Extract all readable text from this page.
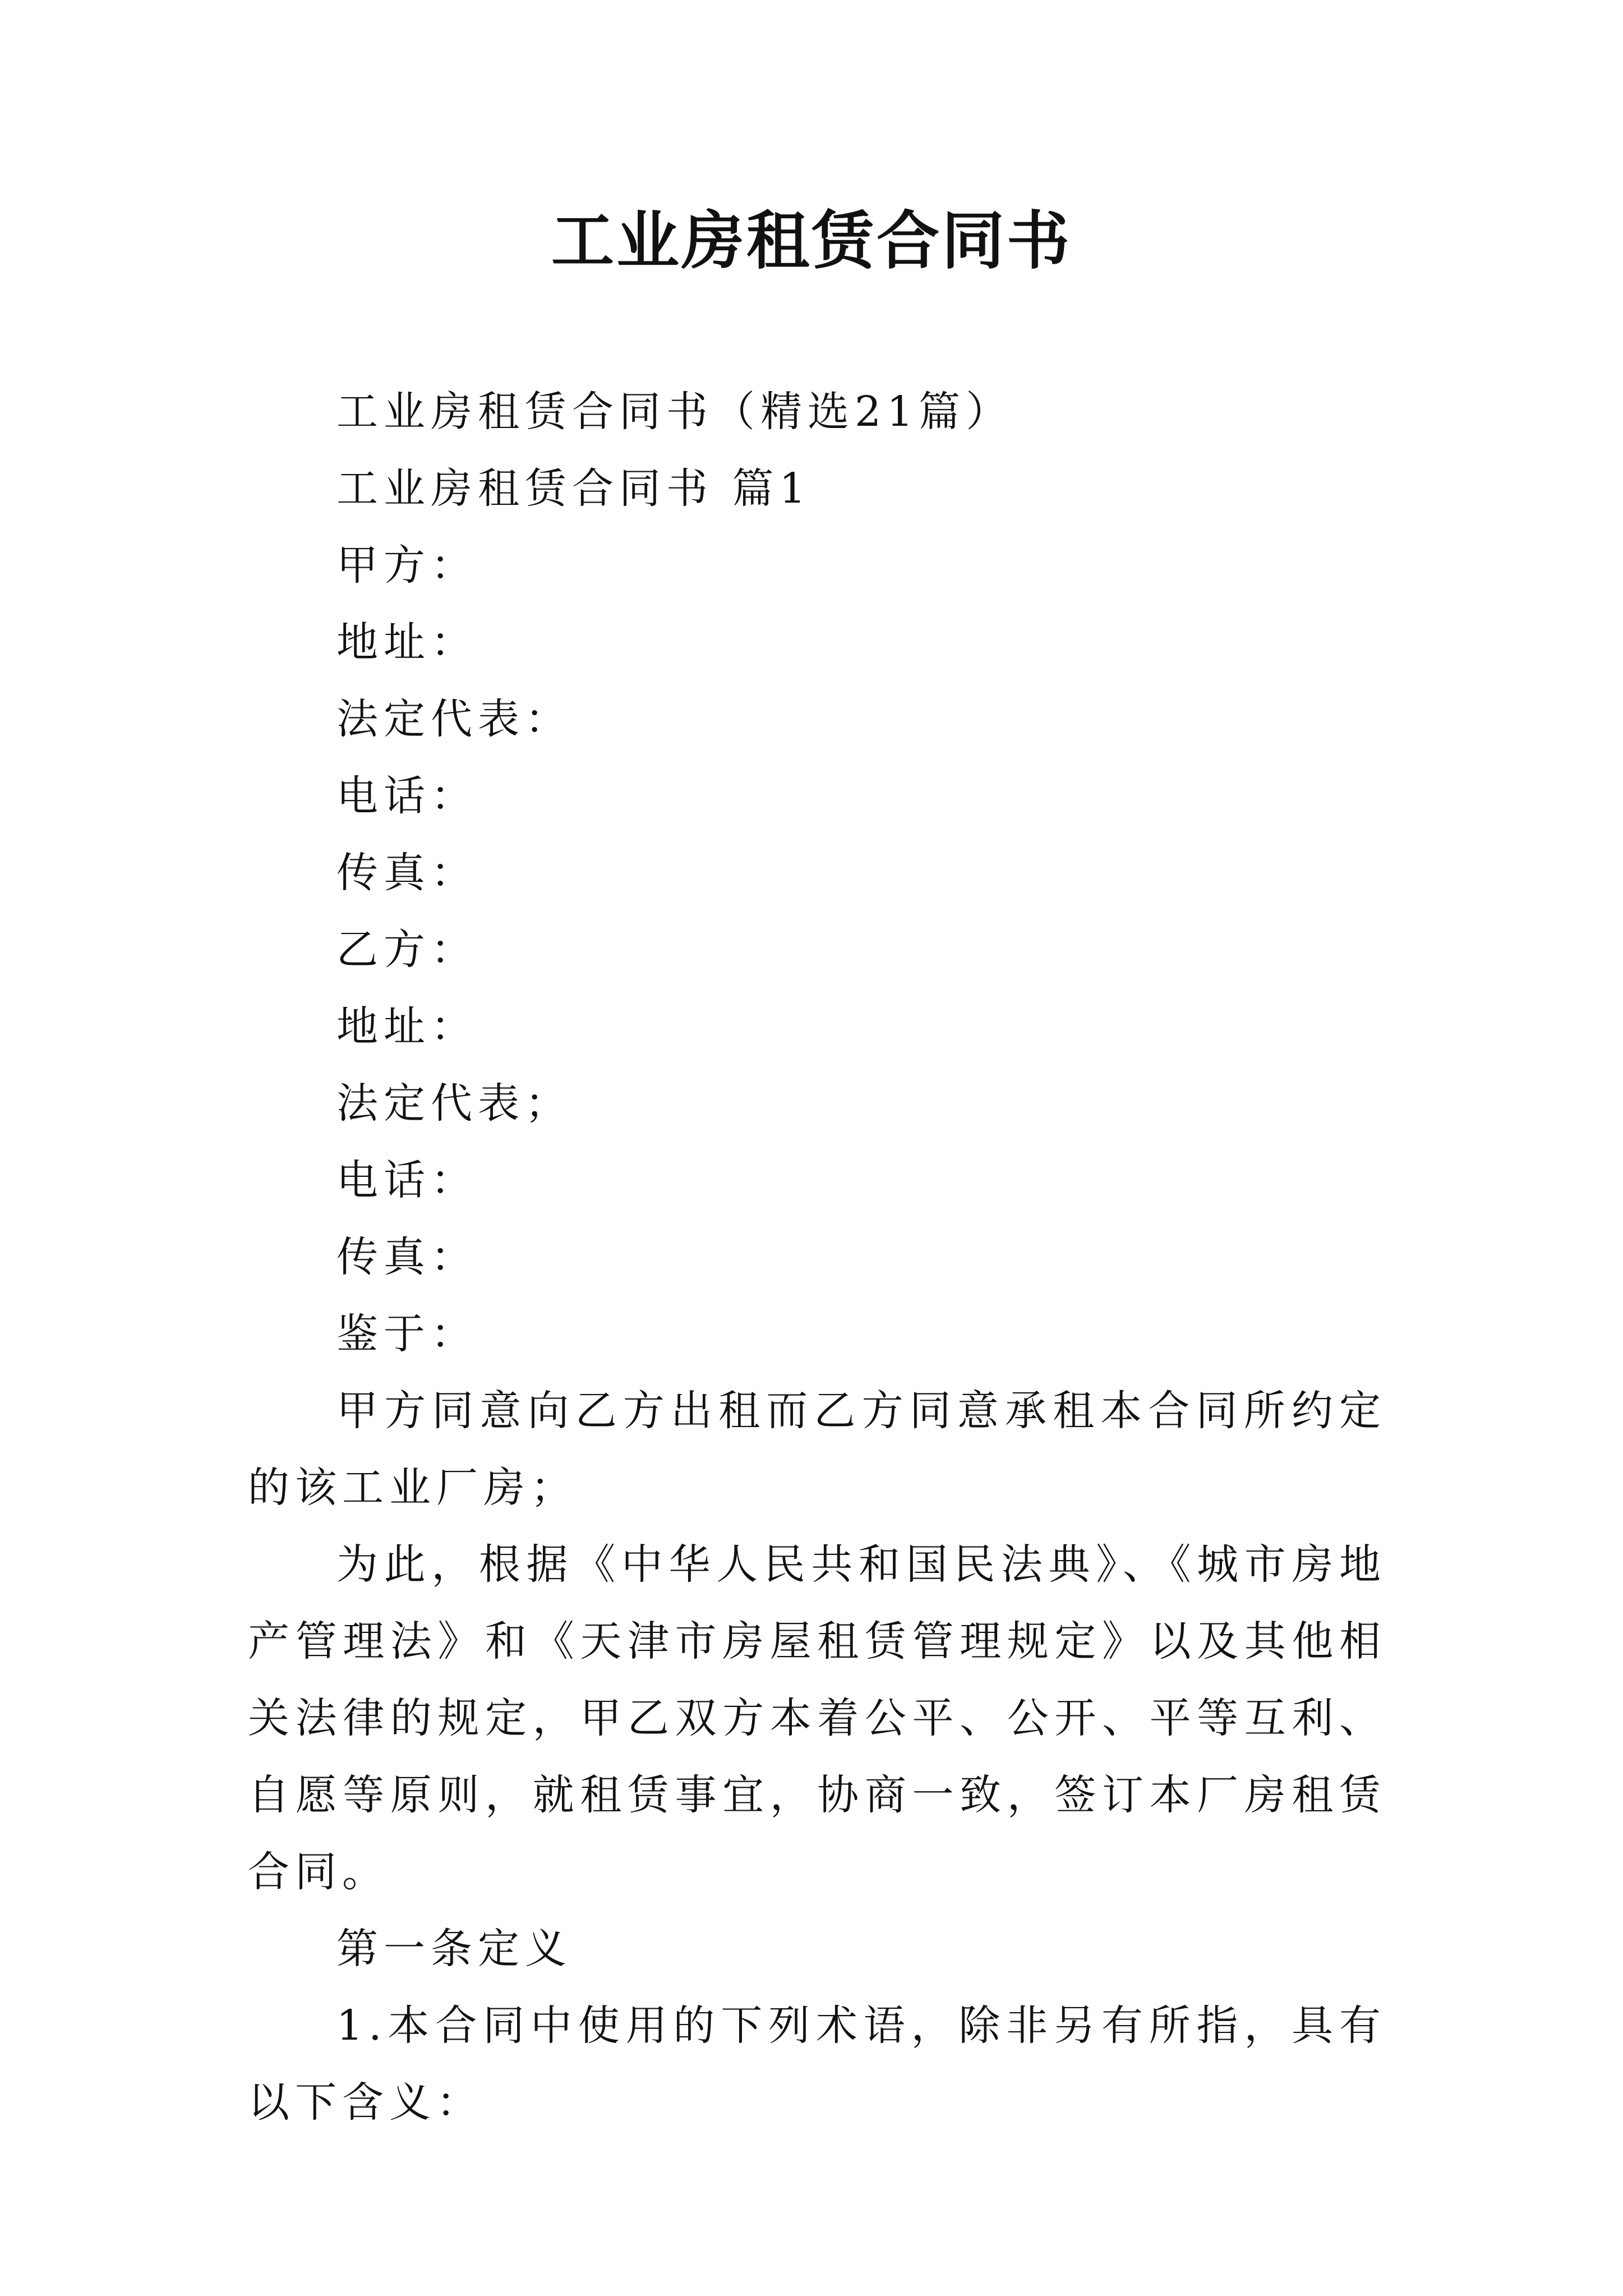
工业房租赁合同书

工业房租赁合同书（精选21篇）

工业房租赁合同书 篇1

甲方：

地址：

法定代表：

电话：

传真：

乙方：

地址：

法定代表；

电话：

传真：

鉴于：

甲方同意向乙方出租而乙方同意承租本合同所约定的该工业厂房；

为此，根据《中华人民共和国民法典》、《城市房地产管理法》和《天津市房屋租赁管理规定》以及其他相关法律的规定，甲乙双方本着公平、公开、平等互利、自愿等原则，就租赁事宜，协商一致，签订本厂房租赁合同。

第一条定义

1.本合同中使用的下列术语，除非另有所指，具有以下含义：
